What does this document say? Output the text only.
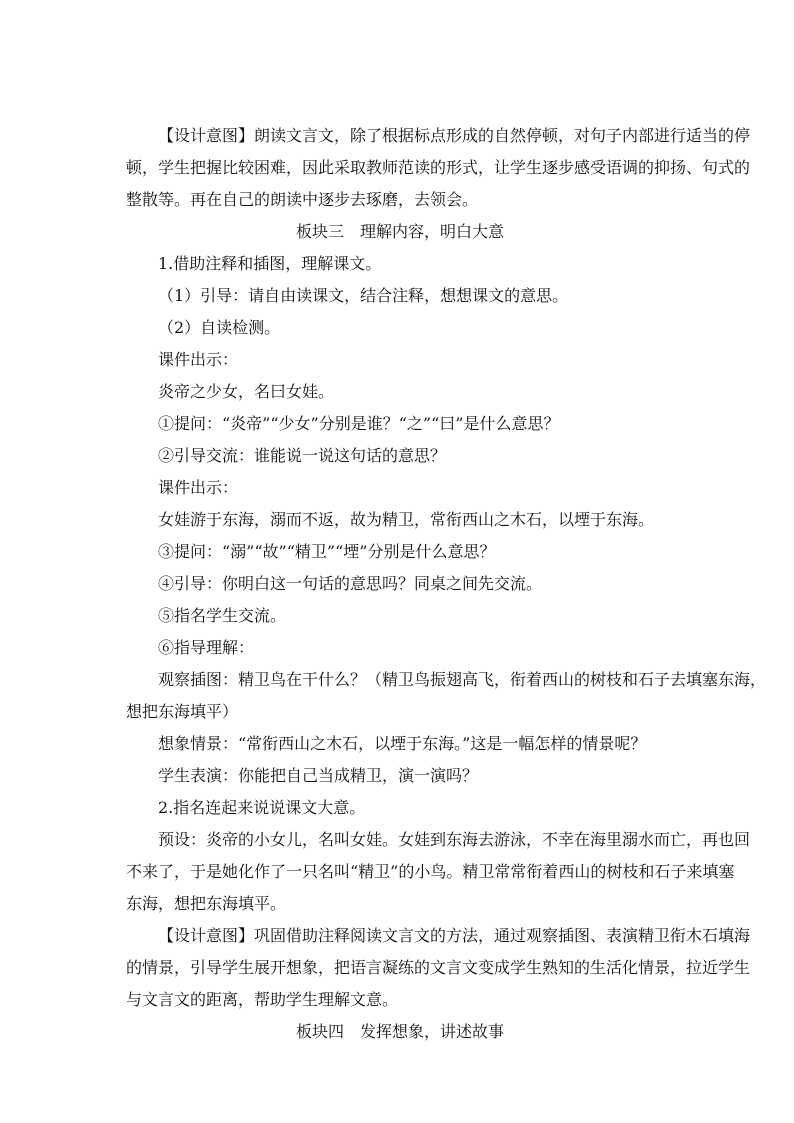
【设计意图】朗读文言文，除了根据标点形成的自然停顿，对句子内部进行适当的停
顿，学生把握比较困难，因此采取教师范读的形式，让学生逐步感受语调的抑扬、句式的
整散等。再在自己的朗读中逐步去琢磨，去领会。
板块三　理解内容，明白大意
1.借助注释和插图，理解课文。
（1）引导：请自由读课文，结合注释，想想课文的意思。
（2）自读检测。
课件出示：
炎帝之少女，名曰女娃。
①提问：“炎帝”“少女”分别是谁？“之”“曰”是什么意思？
②引导交流：谁能说一说这句话的意思？
课件出示：
女娃游于东海，溺而不返，故为精卫，常衔西山之木石，以堙于东海。
③提问：“溺”“故”“精卫”“堙”分别是什么意思？
④引导：你明白这一句话的意思吗？同桌之间先交流。
⑤指名学生交流。
⑥指导理解：
观察插图：精卫鸟在干什么？（精卫鸟振翅高飞，衔着西山的树枝和石子去填塞东海，
想把东海填平）
想象情景：“常衔西山之木石，以堙于东海。”这是一幅怎样的情景呢？
学生表演：你能把自己当成精卫，演一演吗？
2.指名连起来说说课文大意。
预设：炎帝的小女儿，名叫女娃。女娃到东海去游泳，不幸在海里溺水而亡，再也回
不来了，于是她化作了一只名叫“精卫”的小鸟。精卫常常衔着西山的树枝和石子来填塞
东海，想把东海填平。
【设计意图】巩固借助注释阅读文言文的方法，通过观察插图、表演精卫衔木石填海
的情景，引导学生展开想象，把语言凝练的文言文变成学生熟知的生活化情景，拉近学生
与文言文的距离，帮助学生理解文意。
板块四　发挥想象，讲述故事
